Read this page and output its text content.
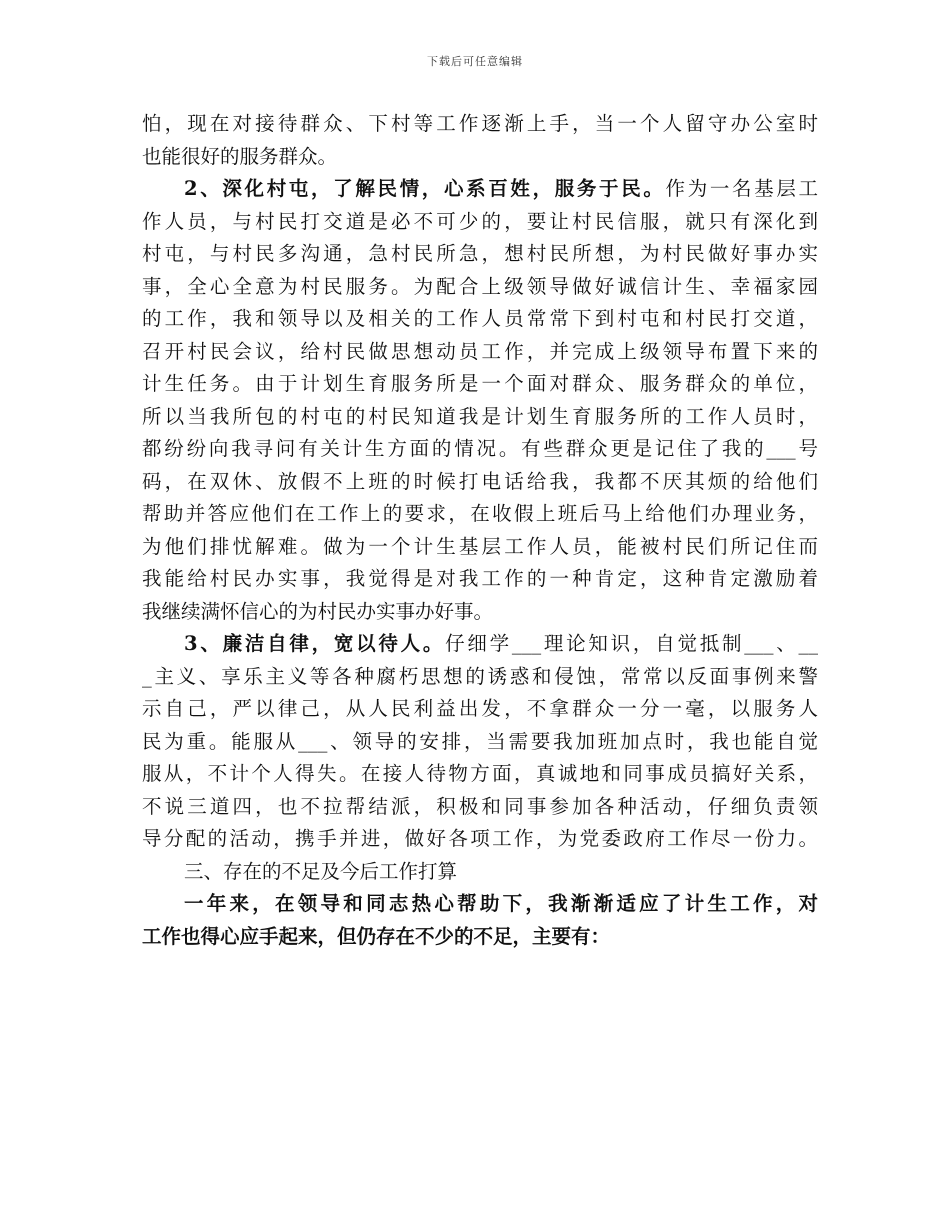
下载后可任意编辑
怕，现在对接待群众、下村等工作逐渐上手，当一个人留守办公室时
也能很好的服务群众。
2、深化村屯，了解民情，心系百姓，服务于民。作为一名基层工
作人员，与村民打交道是必不可少的，要让村民信服，就只有深化到
村屯，与村民多沟通，急村民所急，想村民所想，为村民做好事办实
事，全心全意为村民服务。为配合上级领导做好诚信计生、幸福家园
的工作，我和领导以及相关的工作人员常常下到村屯和村民打交道，
召开村民会议，给村民做思想动员工作，并完成上级领导布置下来的
计生任务。由于计划生育服务所是一个面对群众、服务群众的单位，
所以当我所包的村屯的村民知道我是计划生育服务所的工作人员时，
都纷纷向我寻问有关计生方面的情况。有些群众更是记住了我的___号
码，在双休、放假不上班的时候打电话给我，我都不厌其烦的给他们
帮助并答应他们在工作上的要求，在收假上班后马上给他们办理业务，
为他们排忧解难。做为一个计生基层工作人员，能被村民们所记住而
我能给村民办实事，我觉得是对我工作的一种肯定，这种肯定激励着
我继续满怀信心的为村民办实事办好事。
3、廉洁自律，宽以待人。仔细学___理论知识，自觉抵制___、__
_主义、享乐主义等各种腐朽思想的诱惑和侵蚀，常常以反面事例来警
示自己，严以律己，从人民利益出发，不拿群众一分一毫，以服务人
民为重。能服从___、领导的安排，当需要我加班加点时，我也能自觉
服从，不计个人得失。在接人待物方面，真诚地和同事成员搞好关系，
不说三道四，也不拉帮结派，积极和同事参加各种活动，仔细负责领
导分配的活动，携手并进，做好各项工作，为党委政府工作尽一份力。
三、存在的不足及今后工作打算
一年来，在领导和同志热心帮助下，我渐渐适应了计生工作，对
工作也得心应手起来，但仍存在不少的不足，主要有：
